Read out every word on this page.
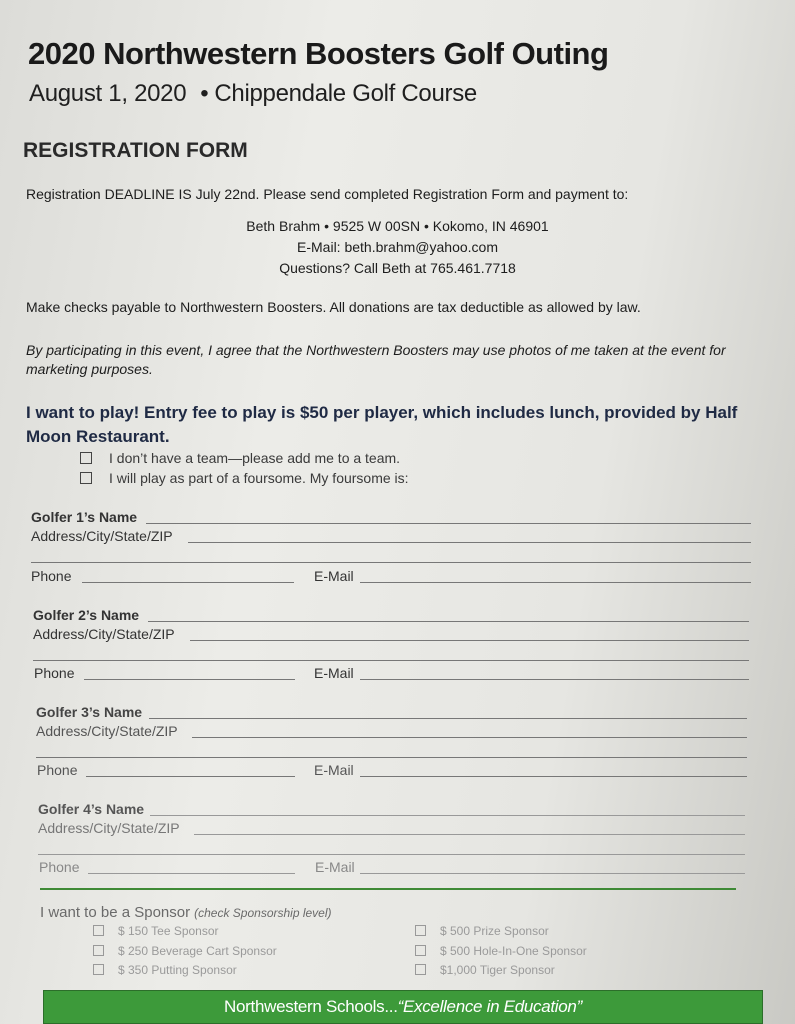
2020 Northwestern Boosters Golf Outing
August 1, 2020 • Chippendale Golf Course
REGISTRATION FORM
Registration DEADLINE IS July 22nd. Please send completed Registration Form and payment to:
Beth Brahm • 9525 W 00SN • Kokomo, IN 46901
E-Mail: beth.brahm@yahoo.com
Questions? Call Beth at 765.461.7718
Make checks payable to Northwestern Boosters. All donations are tax deductible as allowed by law.
By participating in this event, I agree that the Northwestern Boosters may use photos of me taken at the event for marketing purposes.
I want to play! Entry fee to play is $50 per player, which includes lunch, provided by Half Moon Restaurant.
I don’t have a team—please add me to a team.
I will play as part of a foursome. My foursome is:
Golfer 1’s Name
Address/City/State/ZIP
Phone	E-Mail
Golfer 2’s Name
Address/City/State/ZIP
Phone	E-Mail
Golfer 3’s Name
Address/City/State/ZIP
Phone	E-Mail
Golfer 4’s Name
Address/City/State/ZIP
Phone	E-Mail
I want to be a Sponsor (check Sponsorship level)
$ 150 Tee Sponsor
$ 250 Beverage Cart Sponsor
$ 350 Putting Sponsor
$ 500 Prize Sponsor
$ 500 Hole-In-One Sponsor
$1,000 Tiger Sponsor
Northwestern Schools...“Excellence in Education”
